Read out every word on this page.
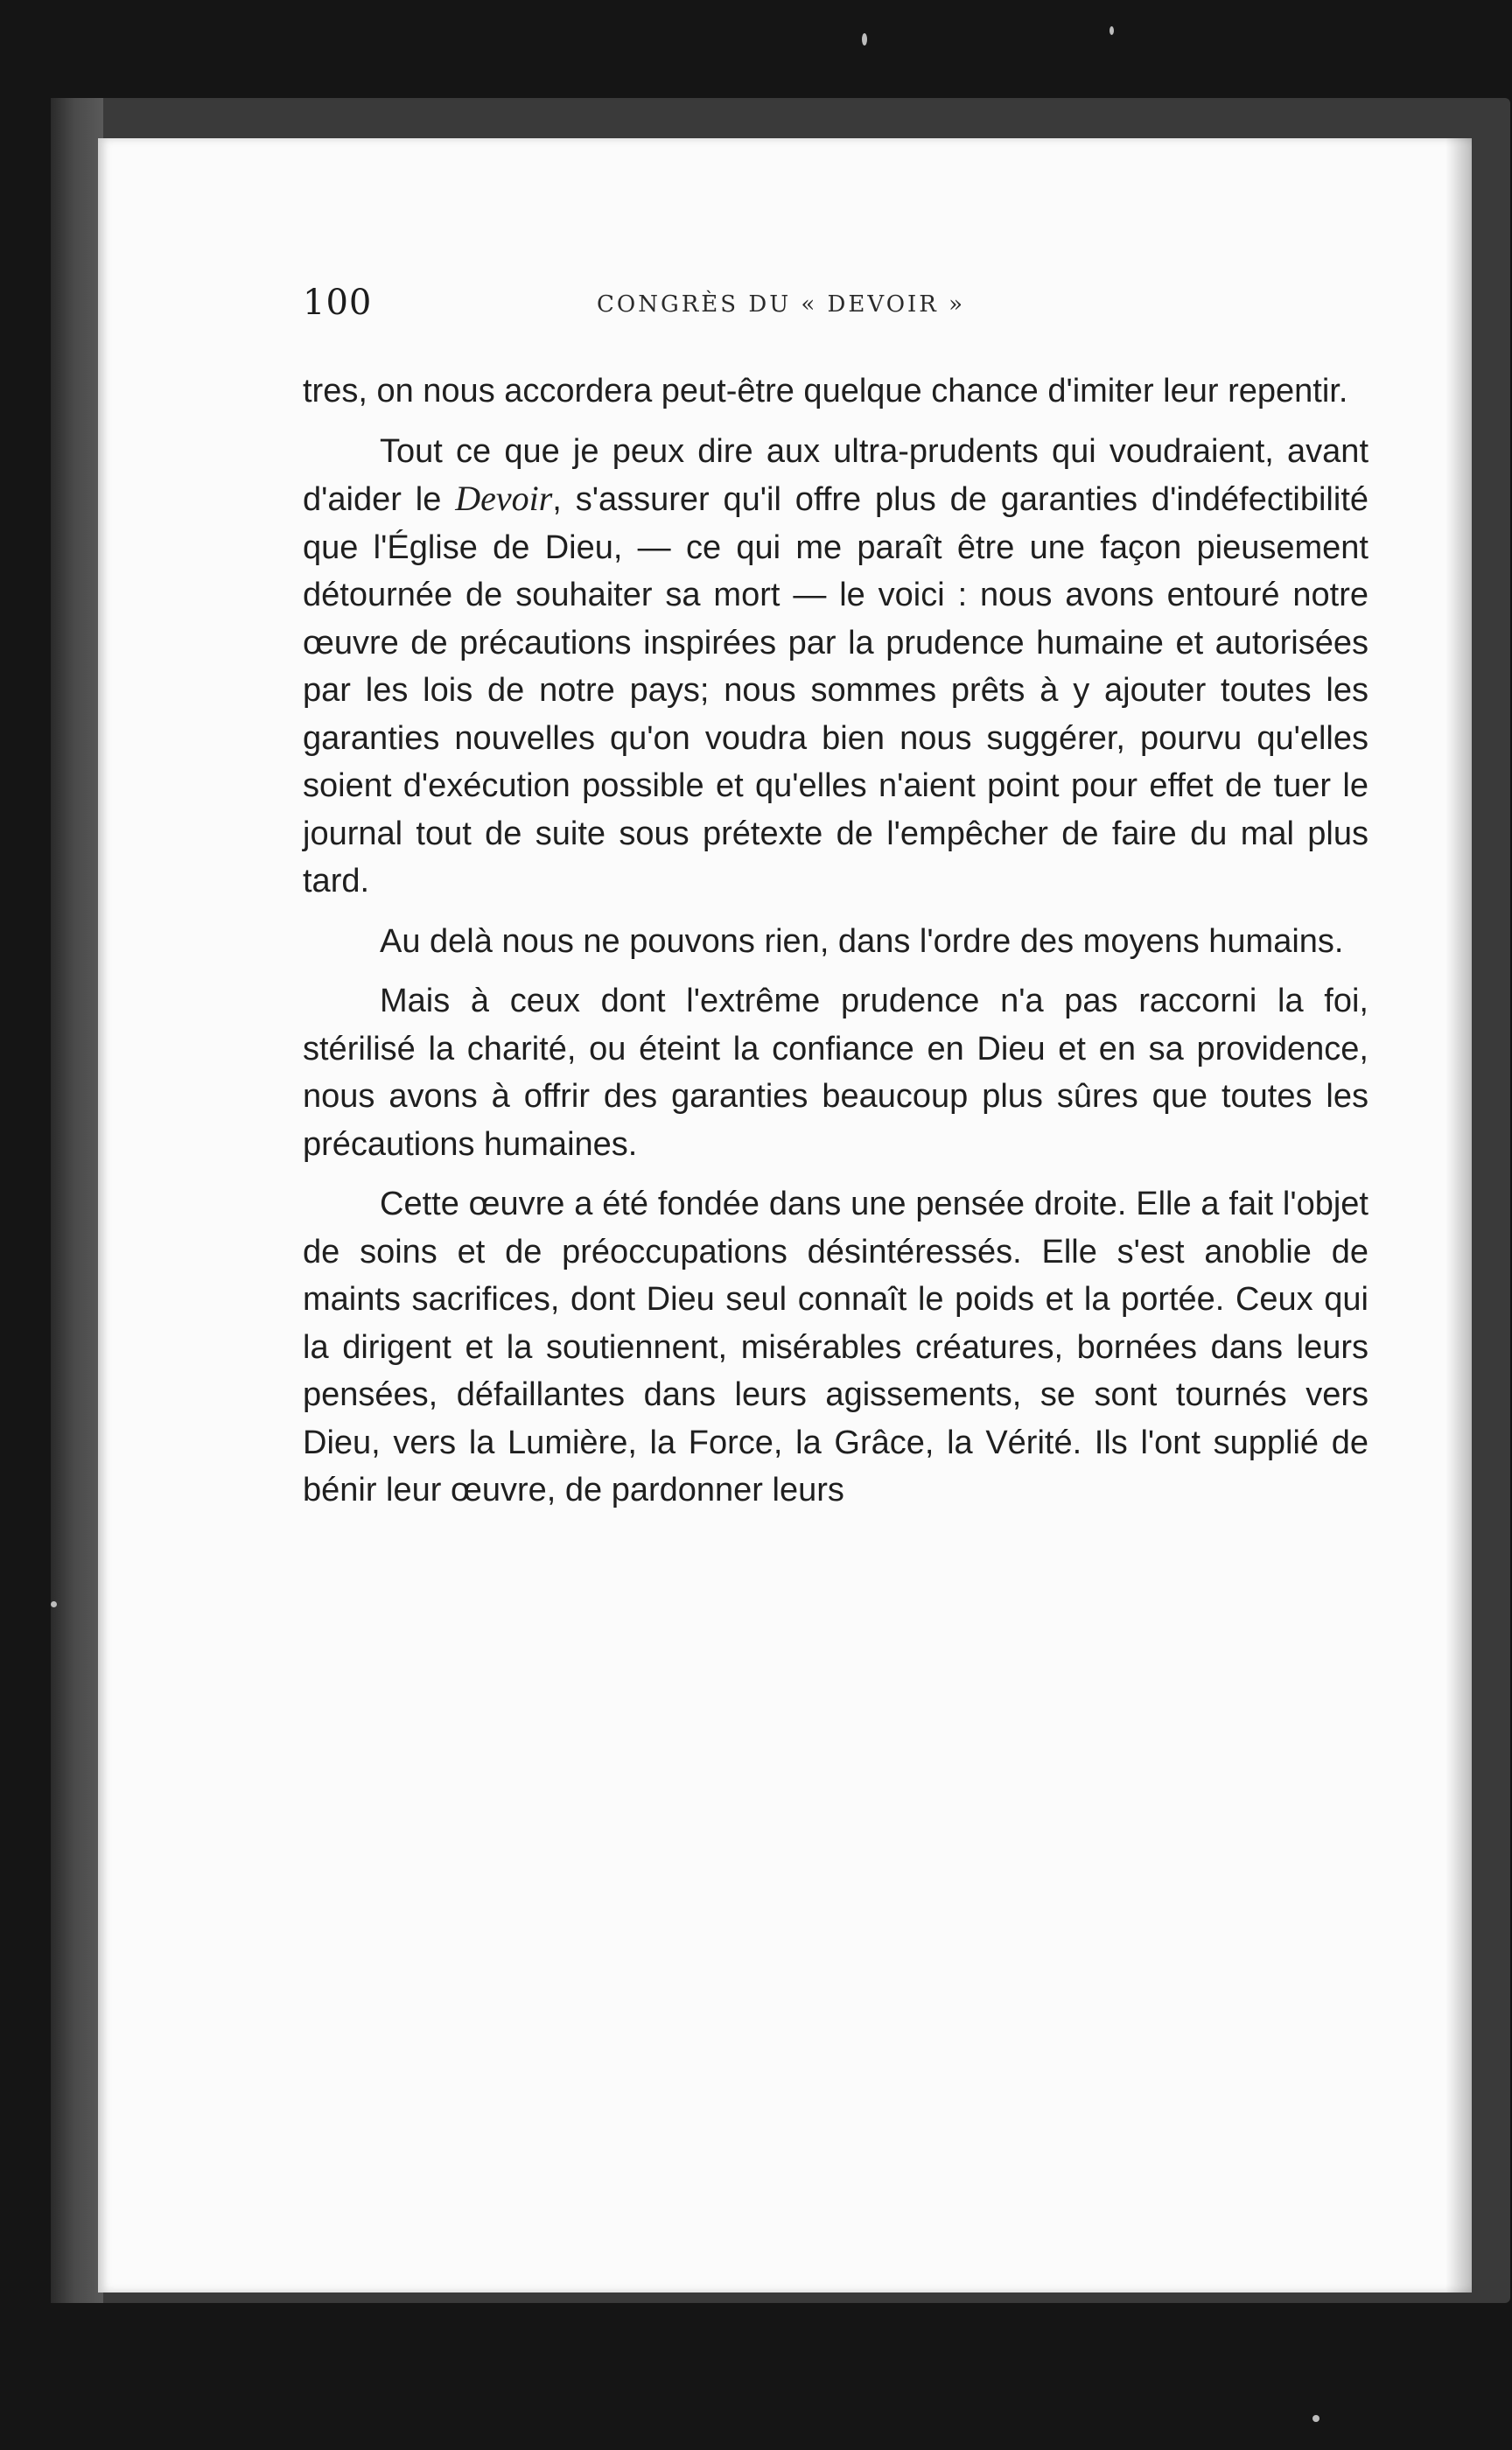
100	CONGRÈS DU « DEVOIR »

tres, on nous accordera peut-être quelque chance d'imiter leur repentir.

Tout ce que je peux dire aux ultra-prudents qui voudraient, avant d'aider le Devoir, s'assurer qu'il offre plus de garanties d'indéfectibilité que l'Église de Dieu, — ce qui me paraît être une façon pieusement détournée de souhaiter sa mort — le voici : nous avons entouré notre œuvre de précautions inspirées par la prudence humaine et autorisées par les lois de notre pays; nous sommes prêts à y ajouter toutes les garanties nouvelles qu'on voudra bien nous suggérer, pourvu qu'elles soient d'exécution possible et qu'elles n'aient point pour effet de tuer le journal tout de suite sous prétexte de l'empêcher de faire du mal plus tard.

Au delà nous ne pouvons rien, dans l'ordre des moyens humains.

Mais à ceux dont l'extrême prudence n'a pas raccorni la foi, stérilisé la charité, ou éteint la confiance en Dieu et en sa providence, nous avons à offrir des garanties beaucoup plus sûres que toutes les précautions humaines.

Cette œuvre a été fondée dans une pensée droite. Elle a fait l'objet de soins et de préoccupations désintéressés. Elle s'est anoblie de maints sacrifices, dont Dieu seul connaît le poids et la portée. Ceux qui la dirigent et la soutiennent, misérables créatures, bornées dans leurs pensées, défaillantes dans leurs agissements, se sont tournés vers Dieu, vers la Lumière, la Force, la Grâce, la Vérité. Ils l'ont supplié de bénir leur œuvre, de pardonner leurs
